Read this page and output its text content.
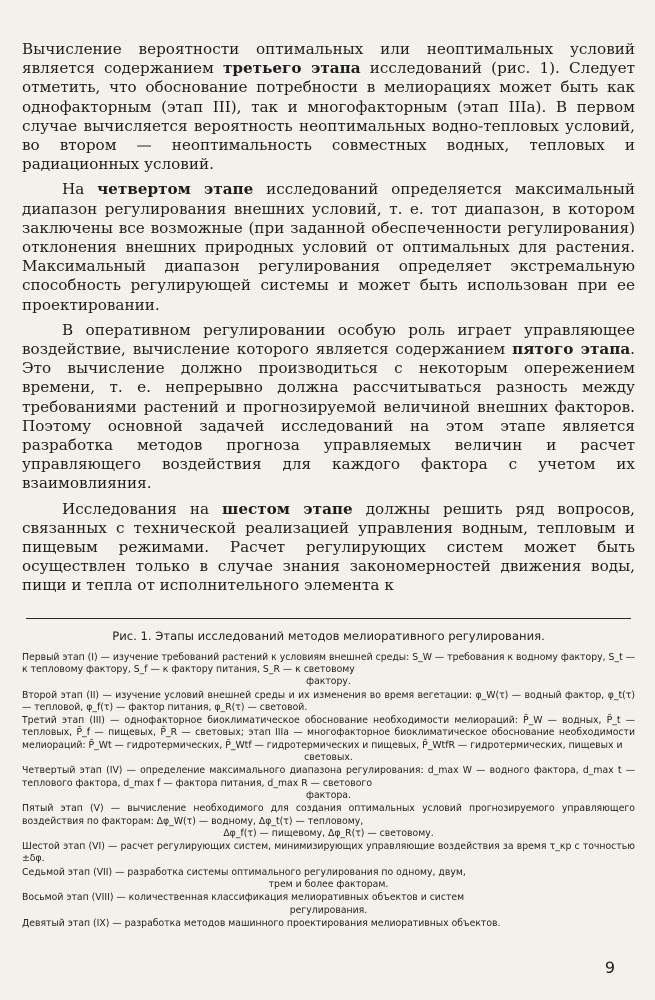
Вычисление вероятности оптимальных или неоптимальных условий является содержанием третьего этапа исследований (рис. 1). Следует отметить, что обоснование потребности в мелиорациях может быть как однофакторным (этап III), так и многофакторным (этап IIIa). В первом случае вычисляется вероятность неоптимальных водно-тепловых условий, во втором — неоптимальность совместных водных, тепловых и радиационных условий.

На четвертом этапе исследований определяется максимальный диапазон регулирования внешних условий, т. е. тот диапазон, в котором заключены все возможные (при заданной обеспеченности регулирования) отклонения внешних природных условий от оптимальных для растения. Максимальный диапазон регулирования определяет экстремальную способность регулирующей системы и может быть использован при ее проектировании.

В оперативном регулировании особую роль играет управляющее воздействие, вычисление которого является содержанием пятого этапа. Это вычисление должно производиться с некоторым опережением времени, т. е. непрерывно должна рассчитываться разность между требованиями растений и прогнозируемой величиной внешних факторов. Поэтому основной задачей исследований на этом этапе является разработка методов прогноза управляемых величин и расчет управляющего воздействия для каждого фактора с учетом их взаимовлияния.

Исследования на шестом этапе должны решить ряд вопросов, связанных с технической реализацией управления водным, тепловым и пищевым режимами. Расчет регулирующих систем может быть осуществлен только в случае знания закономерностей движения воды, пищи и тепла от исполнительного элемента к

Рис. 1. Этапы исследований методов мелиоративного регулирования.
Первый этап (I) — изучение требований растений к условиям внешней среды: S_W — требования к водному фактору, S_t — к тепловому фактору, S_f — к фактору питания, S_R — к световому
фактору.
Второй этап (II) — изучение условий внешней среды и их изменения во время вегетации: φ_W(τ) — водный фактор, φ_t(τ) — тепловой, φ_f(τ) — фактор питания, φ_R(τ) — световой.
Третий этап (III) — однофакторное биоклиматическое обоснование необходимости мелиораций: P̄_W — водных, P̄_t — тепловых, P̄_f — пищевых, P̄_R — световых; этап IIIa — многофакторное биоклиматическое обоснование необходимости мелиораций: P̄_Wt — гидротермических, P̄_Wtf — гидротермических и пищевых, P̄_WtfR — гидротермических, пищевых и
световых.
Четвертый этап (IV) — определение максимального диапазона регулирования: d_max W — водного фактора, d_max t — теплового фактора, d_max f — фактора питания, d_max R — светового
фактора.
Пятый этап (V) — вычисление необходимого для создания оптимальных условий прогнозируемого управляющего воздействия по факторам: Δφ_W(τ) — водному, Δφ_t(τ) — тепловому,
Δφ_f(τ) — пищевому, Δφ_R(τ) — световому.
Шестой этап (VI) — расчет регулирующих систем, минимизирующих управляющие воздействия за время τ_кр с точностью ±δφ.
Седьмой этап (VII) — разработка системы оптимального регулирования по одному, двум,
трем и более факторам.
Восьмой этап (VIII) — количественная классификация мелиоративных объектов и систем
регулирования.
Девятый этап (IX) — разработка методов машинного проектирования мелиоративных объектов.
9
